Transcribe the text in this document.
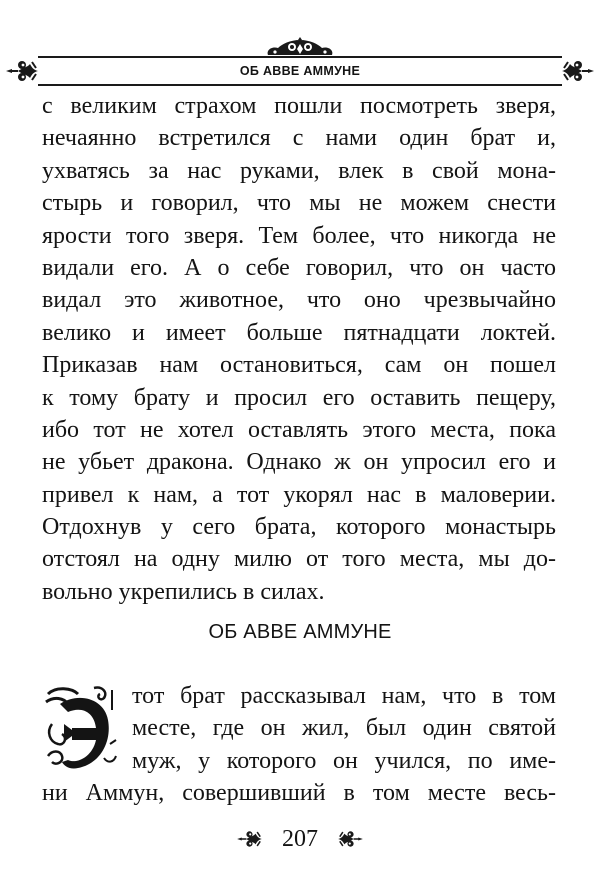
ОБ АВВЕ АММУНЕ
с великим страхом пошли посмотреть зверя,
нечаянно встретился с нами один брат и,
ухватясь за нас руками, влек в свой мона-
стырь и говорил, что мы не можем снести
ярости того зверя. Тем более, что никогда не
видали его. А о себе говорил, что он часто
видал это животное, что оно чрезвычайно
велико и имеет больше пятнадцати локтей.
Приказав нам остановиться, сам он пошел
к тому брату и просил его оставить пещеру,
ибо тот не хотел оставлять этого места, пока
не убьет дракона. Однако ж он упросил его и
привел к нам, а тот укорял нас в маловерии.
Отдохнув у сего брата, которого монастырь
отстоял на одну милю от того места, мы до-
вольно укрепились в силах.
ОБ АВВЕ АММУНЕ
Э	тот брат рассказывал нам, что в том
месте, где он жил, был один святой
муж, у которого он учился, по име-
ни Аммун, совершивший в том месте весь-
207
